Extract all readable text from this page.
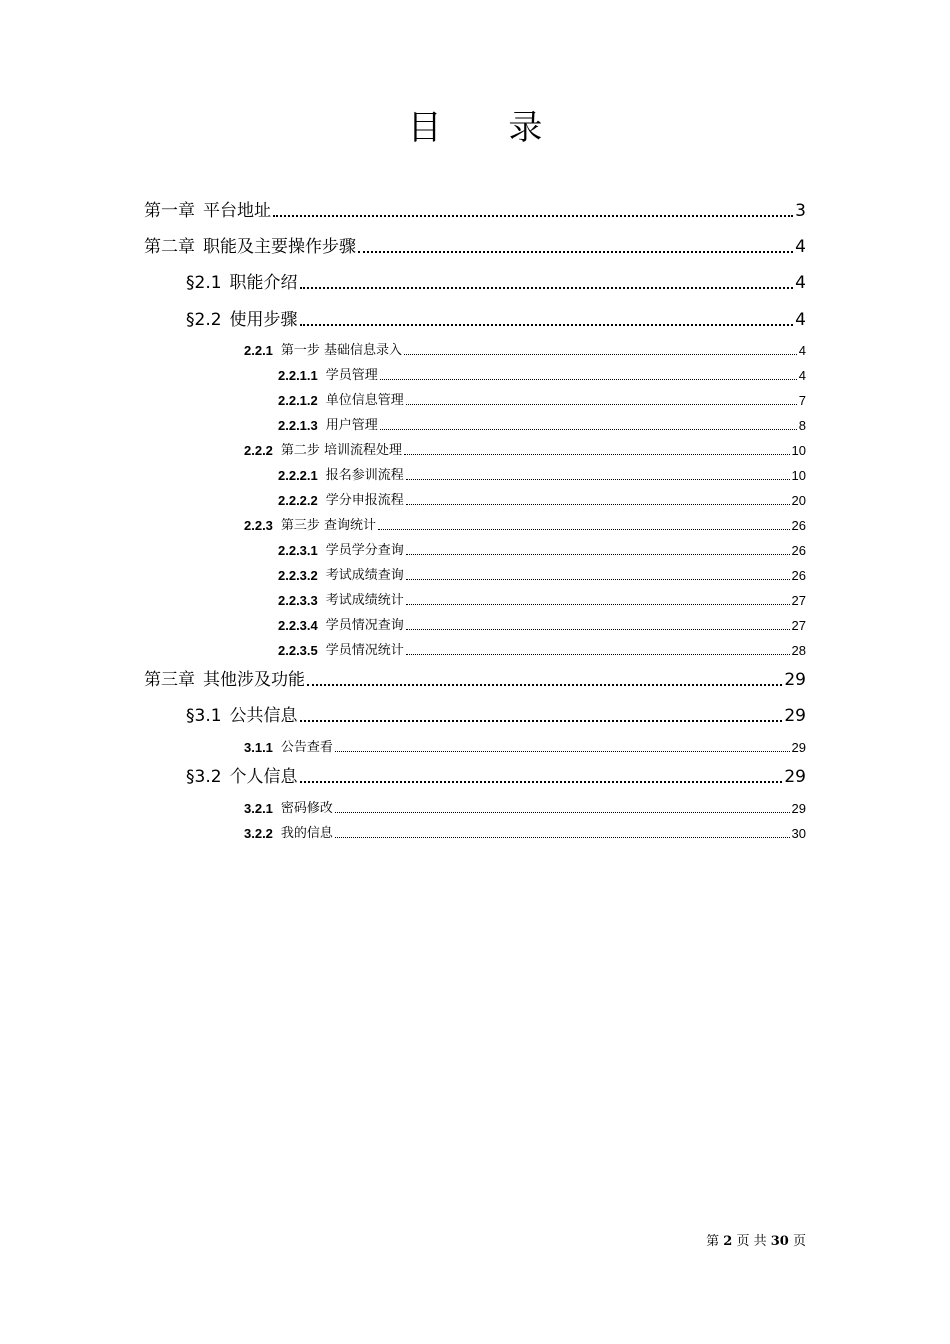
目 录
第一章 平台地址	3
第二章 职能及主要操作步骤	4
§2.1 职能介绍	4
§2.2 使用步骤	4
2.2.1 第一步 基础信息录入	4
2.2.1.1 学员管理	4
2.2.1.2 单位信息管理	7
2.2.1.3 用户管理	8
2.2.2 第二步 培训流程处理	10
2.2.2.1 报名参训流程	10
2.2.2.2 学分申报流程	20
2.2.3 第三步 查询统计	26
2.2.3.1 学员学分查询	26
2.2.3.2 考试成绩查询	26
2.2.3.3 考试成绩统计	27
2.2.3.4 学员情况查询	27
2.2.3.5 学员情况统计	28
第三章 其他涉及功能	29
§3.1 公共信息	29
3.1.1 公告查看	29
§3.2 个人信息	29
3.2.1 密码修改	29
3.2.2 我的信息	30
第 2 页 共 30 页
